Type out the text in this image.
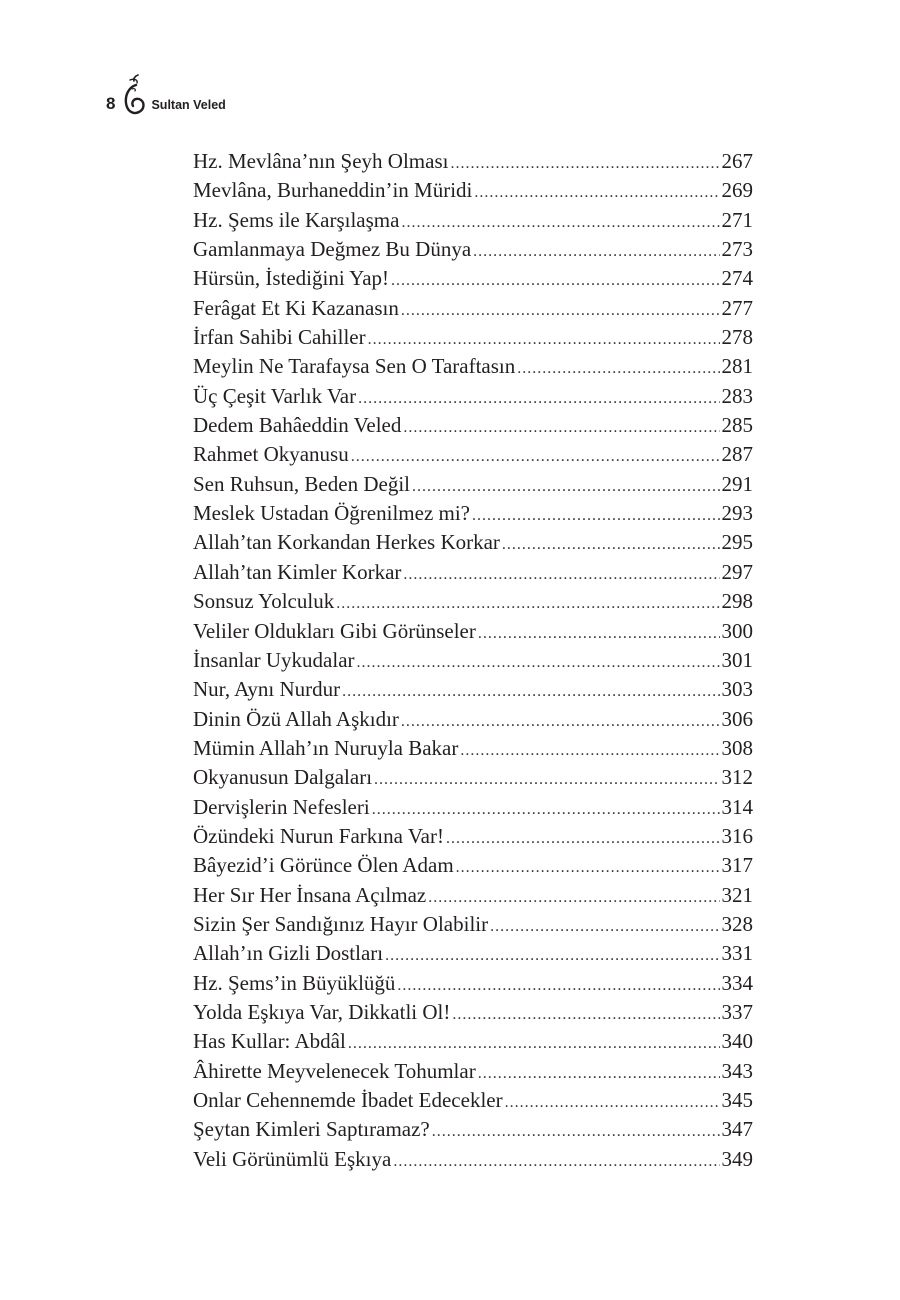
8	Sultan Veled
Hz. Mevlâna’nın Şeyh Olması .....	267
Mevlâna, Burhaneddin’in Müridi .....	269
Hz. Şems ile Karşılaşma .....	271
Gamlanmaya Değmez Bu Dünya .....	273
Hürsün, İstediğini Yap! .....	274
Ferâgat Et Ki Kazanasın .....	277
İrfan Sahibi Cahiller .....	278
Meylin Ne Tarafaysa Sen O Taraftasın .....	281
Üç Çeşit Varlık Var .....	283
Dedem Bahâeddin Veled .....	285
Rahmet Okyanusu .....	287
Sen Ruhsun, Beden Değil .....	291
Meslek Ustadan Öğrenilmez mi? .....	293
Allah’tan Korkandan Herkes Korkar .....	295
Allah’tan Kimler Korkar .....	297
Sonsuz Yolculuk .....	298
Veliler Oldukları Gibi Görünseler .....	300
İnsanlar Uykudalar .....	301
Nur, Aynı Nurdur .....	303
Dinin Özü Allah Aşkıdır .....	306
Mümin Allah’ın Nuruyla Bakar .....	308
Okyanusun Dalgaları .....	312
Dervişlerin Nefesleri .....	314
Özündeki Nurun Farkına Var! .....	316
Bâyezid’i Görünce Ölen Adam .....	317
Her Sır Her İnsana Açılmaz .....	321
Sizin Şer Sandığınız Hayır Olabilir .....	328
Allah’ın Gizli Dostları .....	331
Hz. Şems’in Büyüklüğü .....	334
Yolda Eşkıya Var, Dikkatli Ol! .....	337
Has Kullar: Abdâl .....	340
Âhirette Meyvelenecek Tohumlar .....	343
Onlar Cehennemde İbadet Edecekler .....	345
Şeytan Kimleri Saptıramaz? .....	347
Veli Görünümlü Eşkıya .....	349
